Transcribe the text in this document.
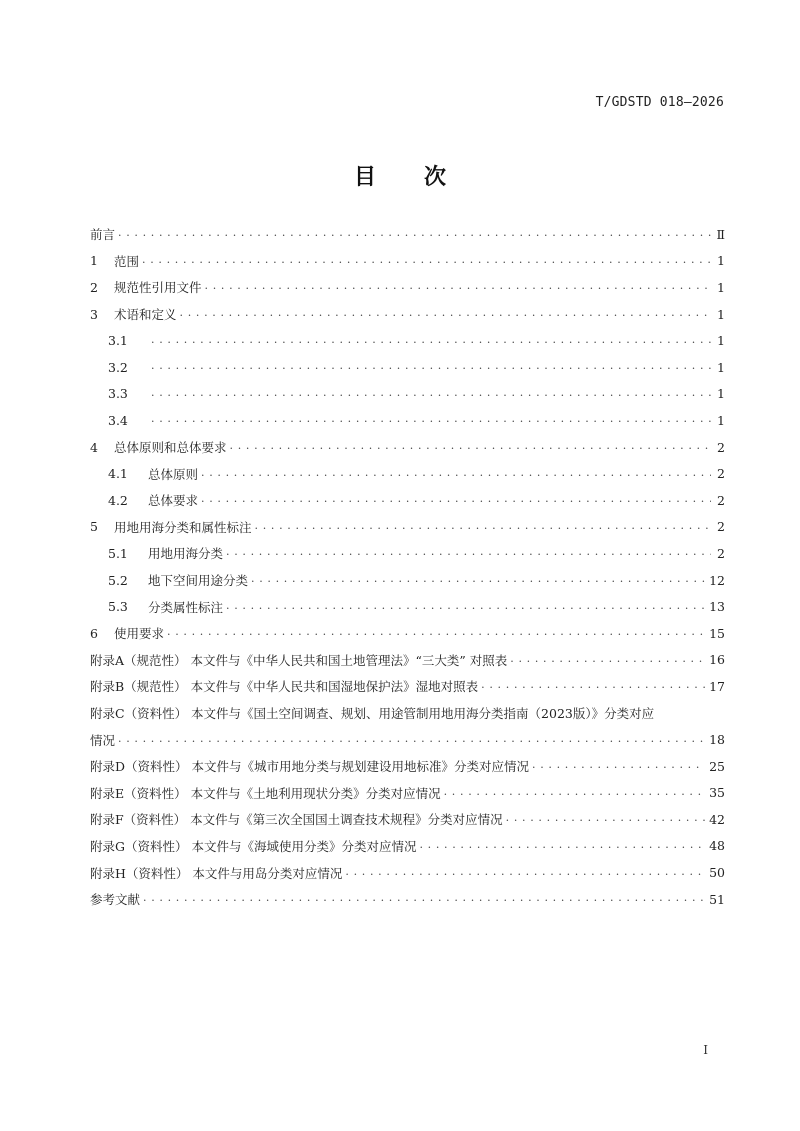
T/GDSTD 018—2026
目 次
前言 . . .	Ⅱ
1	范围 . . .	1
2	规范性引用文件 . . .	1
3	术语和定义 . . .	1
3.1 . . .	1
3.2 . . .	1
3.3 . . .	1
3.4 . . .	1
4	总体原则和总体要求 . . .	2
4.1	总体原则 . . .	2
4.2	总体要求 . . .	2
5	用地用海分类和属性标注 . . .	2
5.1	用地用海分类 . . .	2
5.2	地下空间用途分类 . . .	12
5.3	分类属性标注 . . .	13
6	使用要求 . . .	15
附录A（规范性） 本文件与《中华人民共和国土地管理法》“三大类” 对照表 . . .	16
附录B（规范性） 本文件与《中华人民共和国湿地保护法》湿地对照表 . . .	17
附录C（资料性） 本文件与《国土空间调查、规划、用途管制用地用海分类指南（2023版）》分类对应
情况 . . .	18
附录D（资料性） 本文件与《城市用地分类与规划建设用地标准》分类对应情况 . . .	25
附录E（资料性） 本文件与《土地利用现状分类》分类对应情况 . . .	35
附录F（资料性） 本文件与《第三次全国国土调查技术规程》分类对应情况 . . .	42
附录G（资料性） 本文件与《海域使用分类》分类对应情况 . . .	48
附录H（资料性） 本文件与用岛分类对应情况 . . .	50
参考文献 . . .	51
I
